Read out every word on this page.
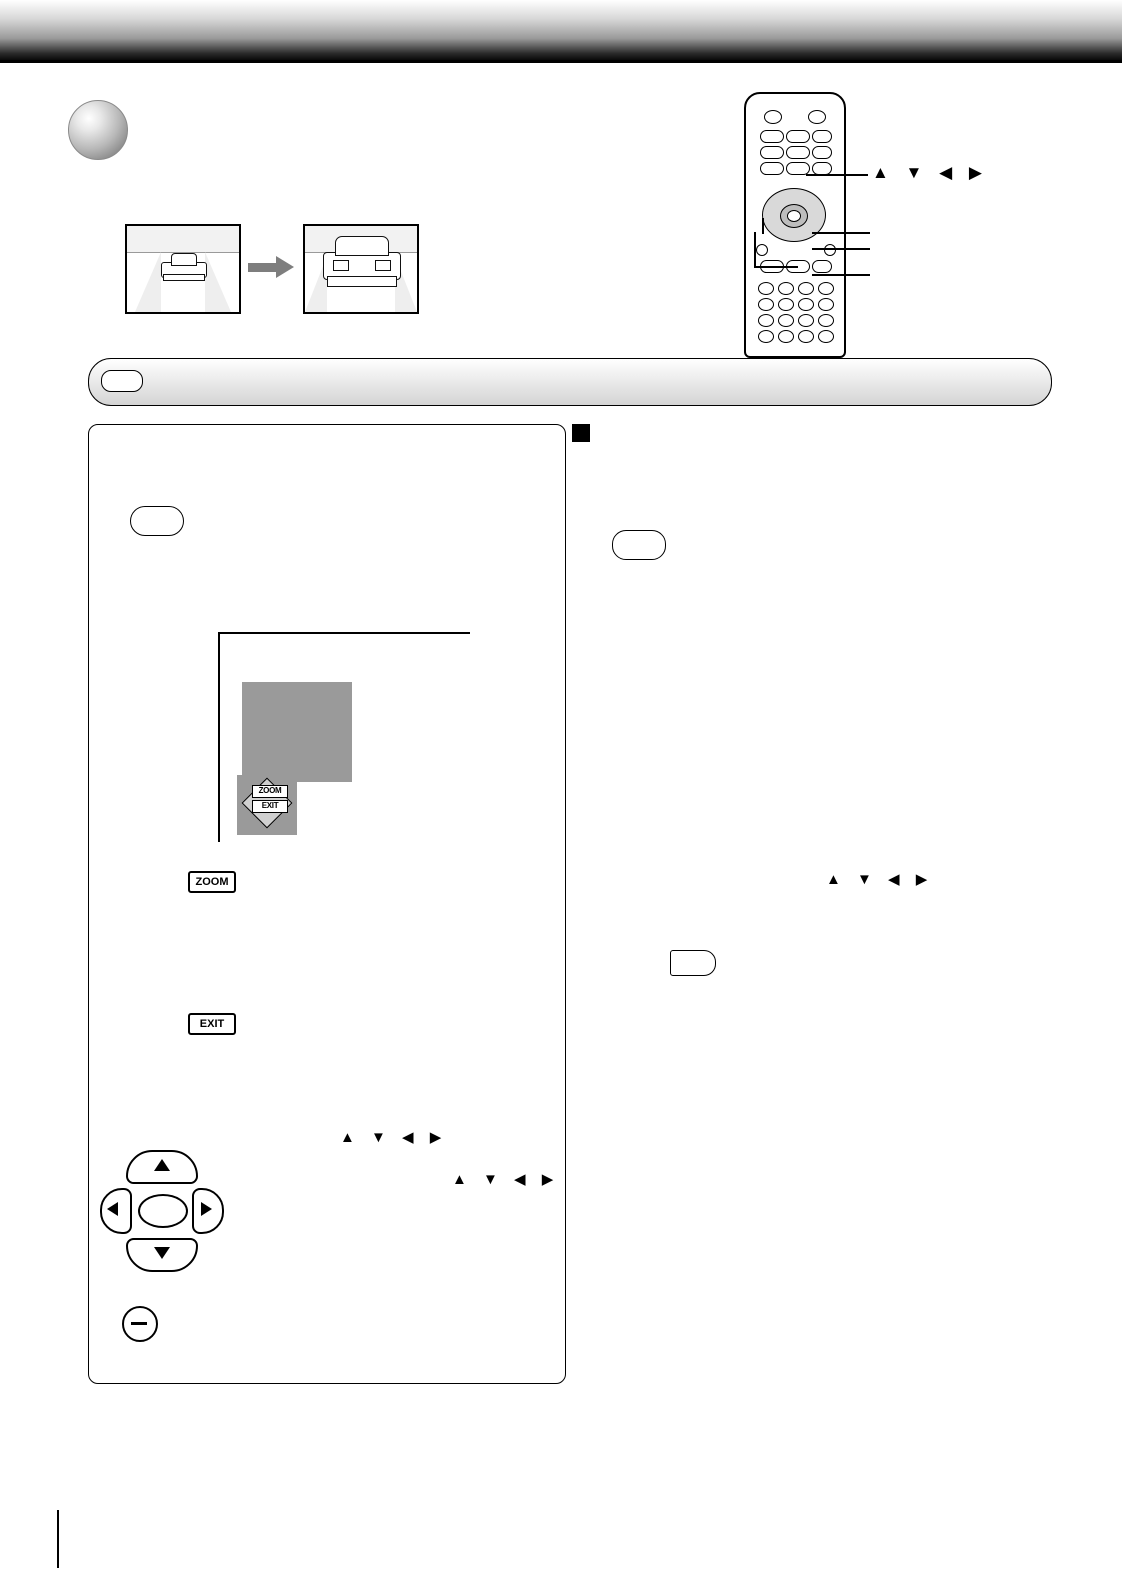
▲ ▼ ◀ ▶
ZOOM
EXIT
ZOOM
EXIT
▲ ▼ ◀ ▶
▲ ▼ ◀ ▶
▲ ▼ ◀ ▶
